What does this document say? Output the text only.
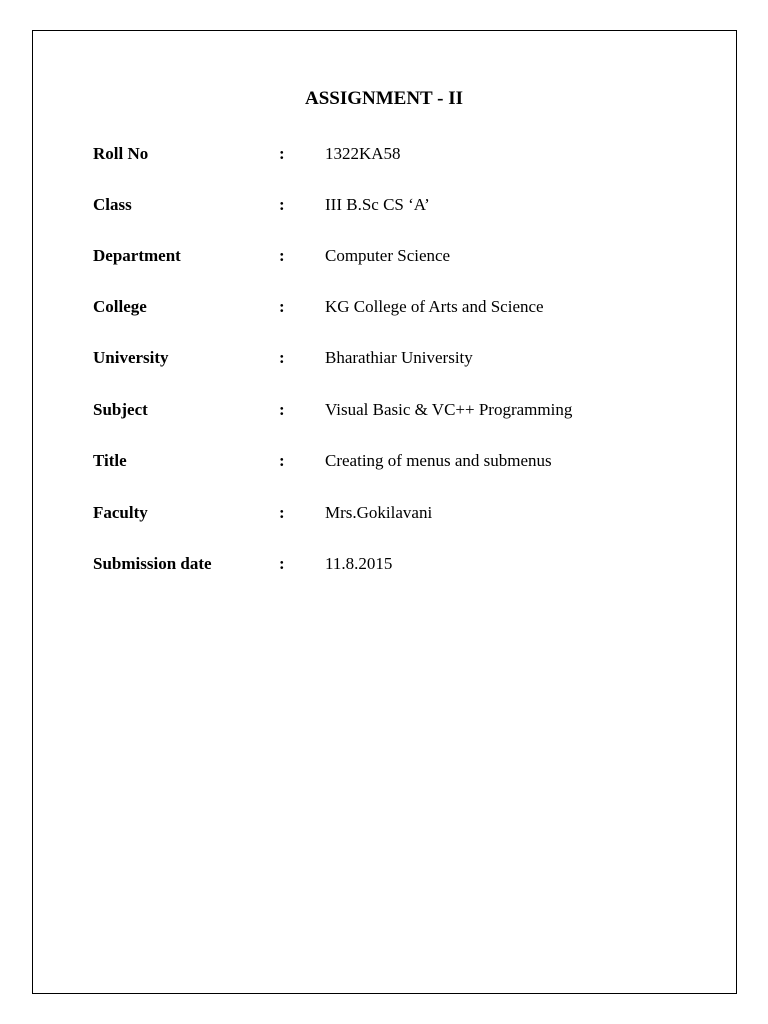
ASSIGNMENT - II
Roll No	: 1322KA58
Class	: III B.Sc CS ‘A’
Department	: Computer Science
College	: KG College of Arts and Science
University	: Bharathiar University
Subject	: Visual Basic & VC++ Programming
Title	: Creating of menus and submenus
Faculty	: Mrs.Gokilavani
Submission date	: 11.8.2015
